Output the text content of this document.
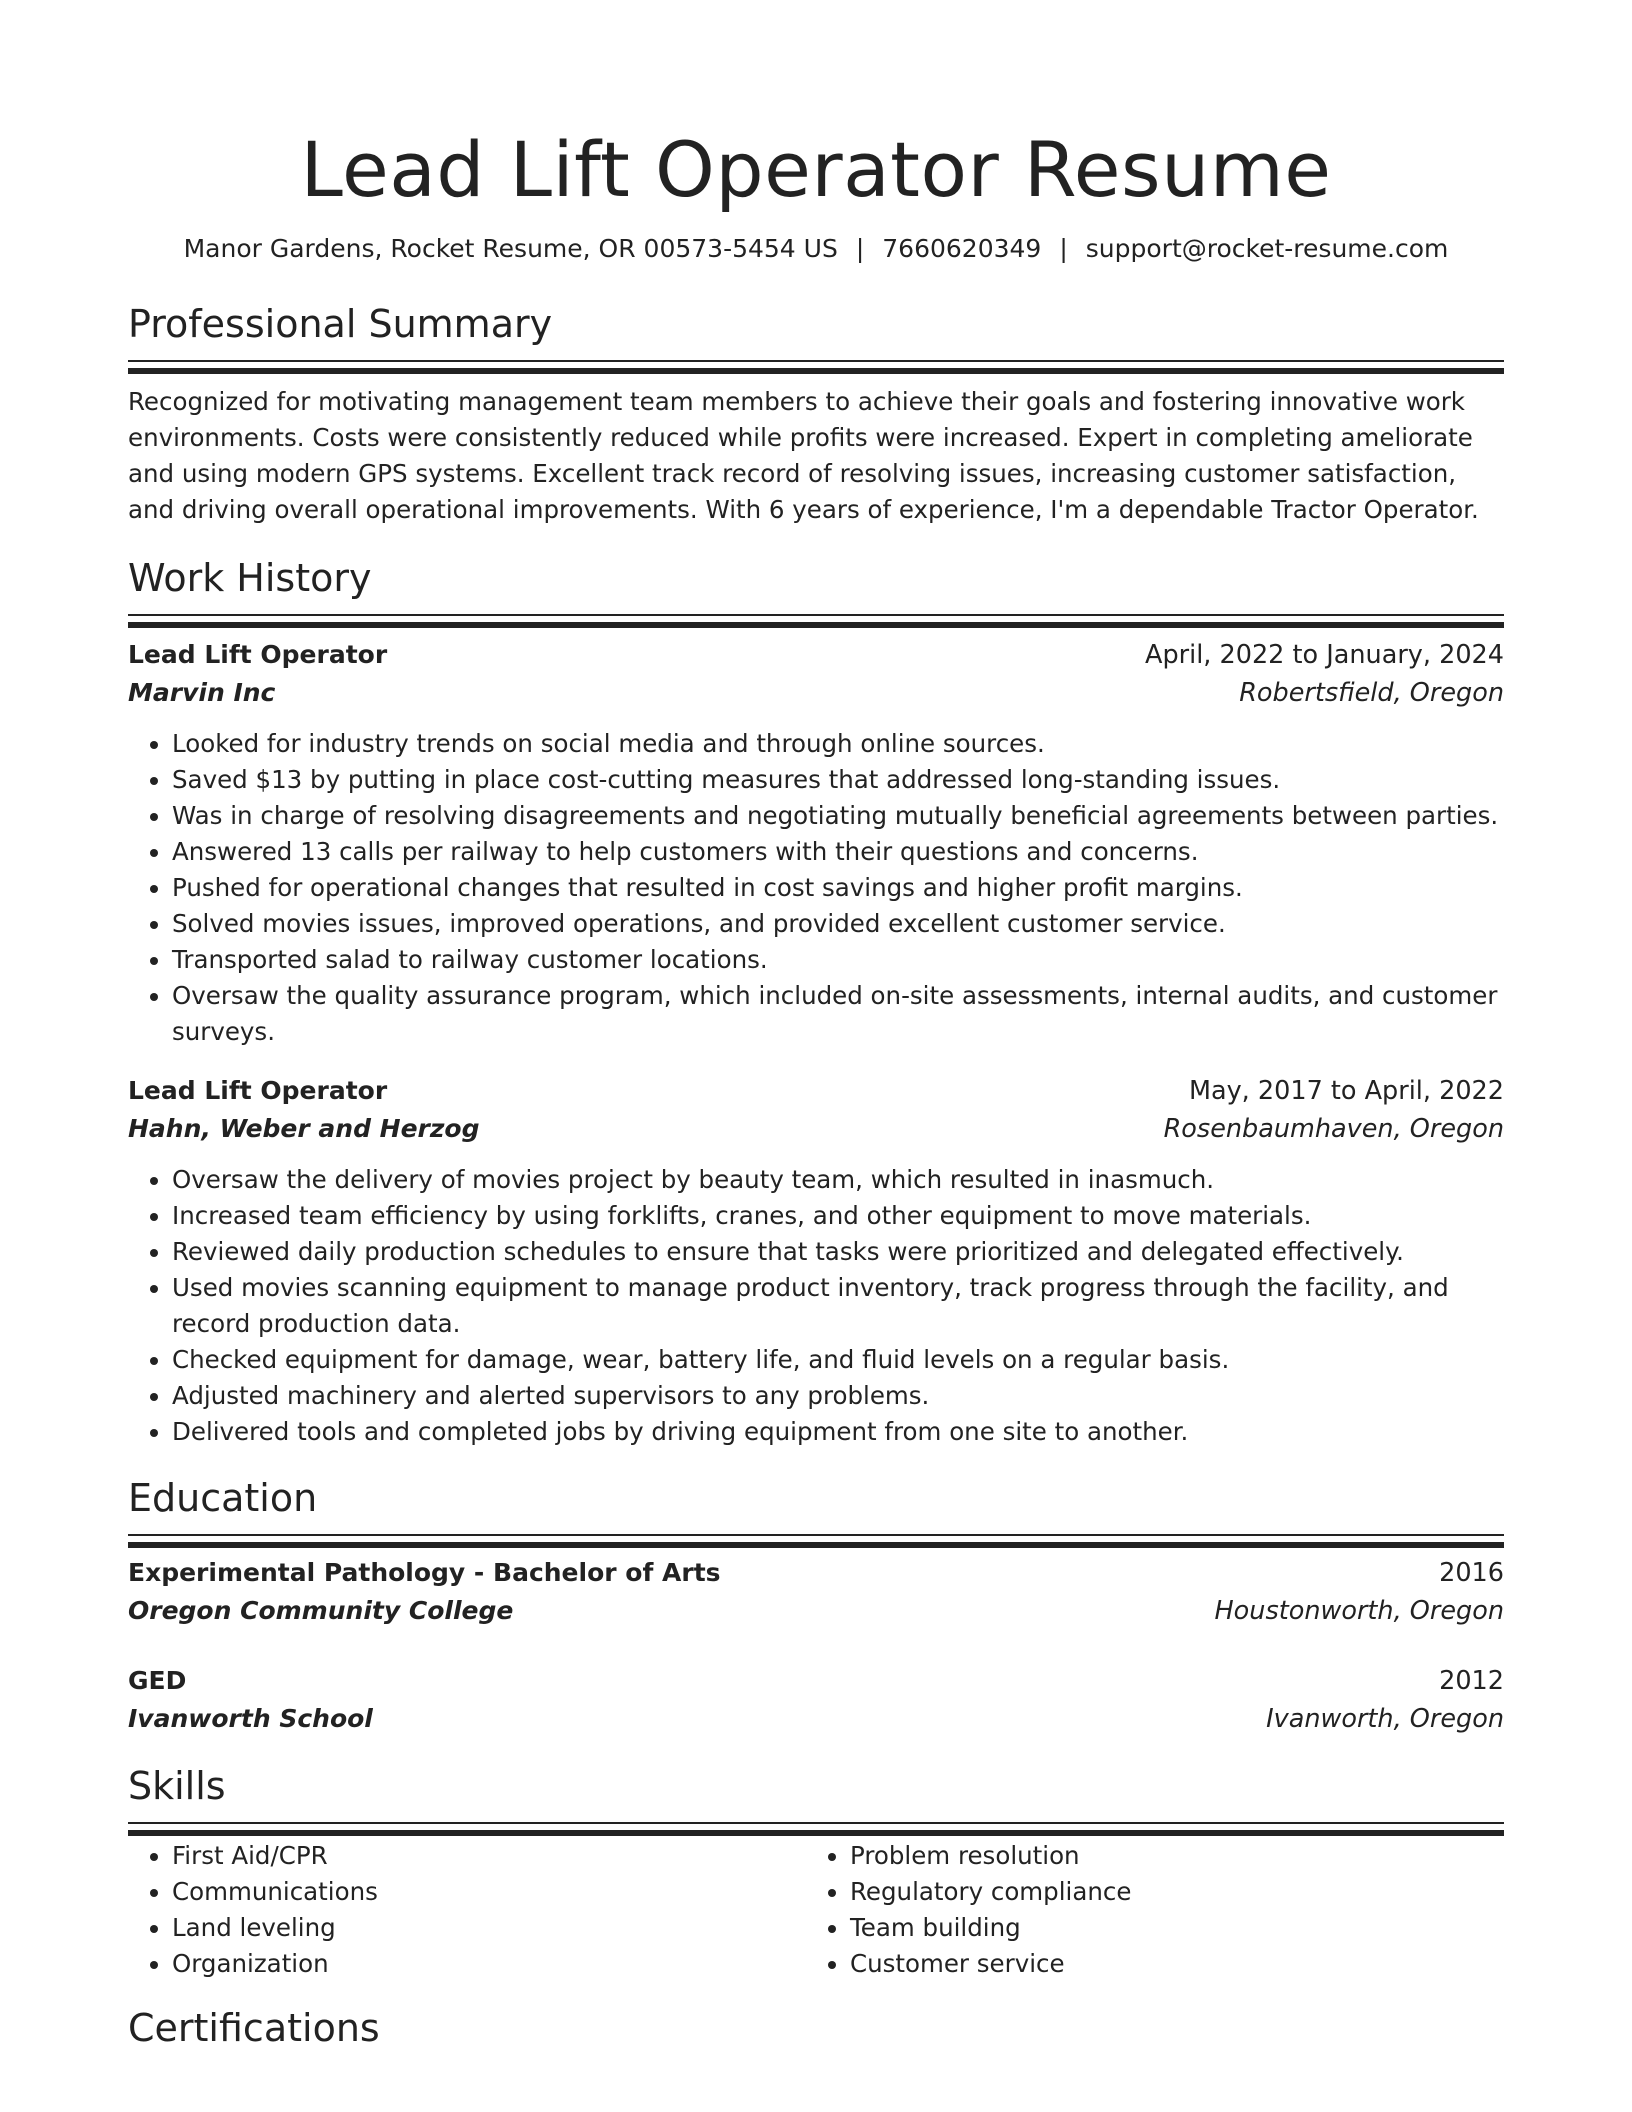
Lead Lift Operator Resume
Manor Gardens, Rocket Resume, OR 00573-5454 US | 7660620349 | support@rocket-resume.com
Professional Summary
Recognized for motivating management team members to achieve their goals and fostering innovative work environments. Costs were consistently reduced while profits were increased. Expert in completing ameliorate and using modern GPS systems. Excellent track record of resolving issues, increasing customer satisfaction, and driving overall operational improvements. With 6 years of experience, I'm a dependable Tractor Operator.
Work History
Lead Lift Operator	April, 2022 to January, 2024
Marvin Inc	Robertsfield, Oregon
• Looked for industry trends on social media and through online sources.
• Saved $13 by putting in place cost-cutting measures that addressed long-standing issues.
• Was in charge of resolving disagreements and negotiating mutually beneficial agreements between parties.
• Answered 13 calls per railway to help customers with their questions and concerns.
• Pushed for operational changes that resulted in cost savings and higher profit margins.
• Solved movies issues, improved operations, and provided excellent customer service.
• Transported salad to railway customer locations.
• Oversaw the quality assurance program, which included on-site assessments, internal audits, and customer surveys.
Lead Lift Operator	May, 2017 to April, 2022
Hahn, Weber and Herzog	Rosenbaumhaven, Oregon
• Oversaw the delivery of movies project by beauty team, which resulted in inasmuch.
• Increased team efficiency by using forklifts, cranes, and other equipment to move materials.
• Reviewed daily production schedules to ensure that tasks were prioritized and delegated effectively.
• Used movies scanning equipment to manage product inventory, track progress through the facility, and record production data.
• Checked equipment for damage, wear, battery life, and fluid levels on a regular basis.
• Adjusted machinery and alerted supervisors to any problems.
• Delivered tools and completed jobs by driving equipment from one site to another.
Education
Experimental Pathology - Bachelor of Arts	2016
Oregon Community College	Houstonworth, Oregon
GED	2012
Ivanworth School	Ivanworth, Oregon
Skills
• First Aid/CPR
• Communications
• Land leveling
• Organization
• Problem resolution
• Regulatory compliance
• Team building
• Customer service
Certifications
